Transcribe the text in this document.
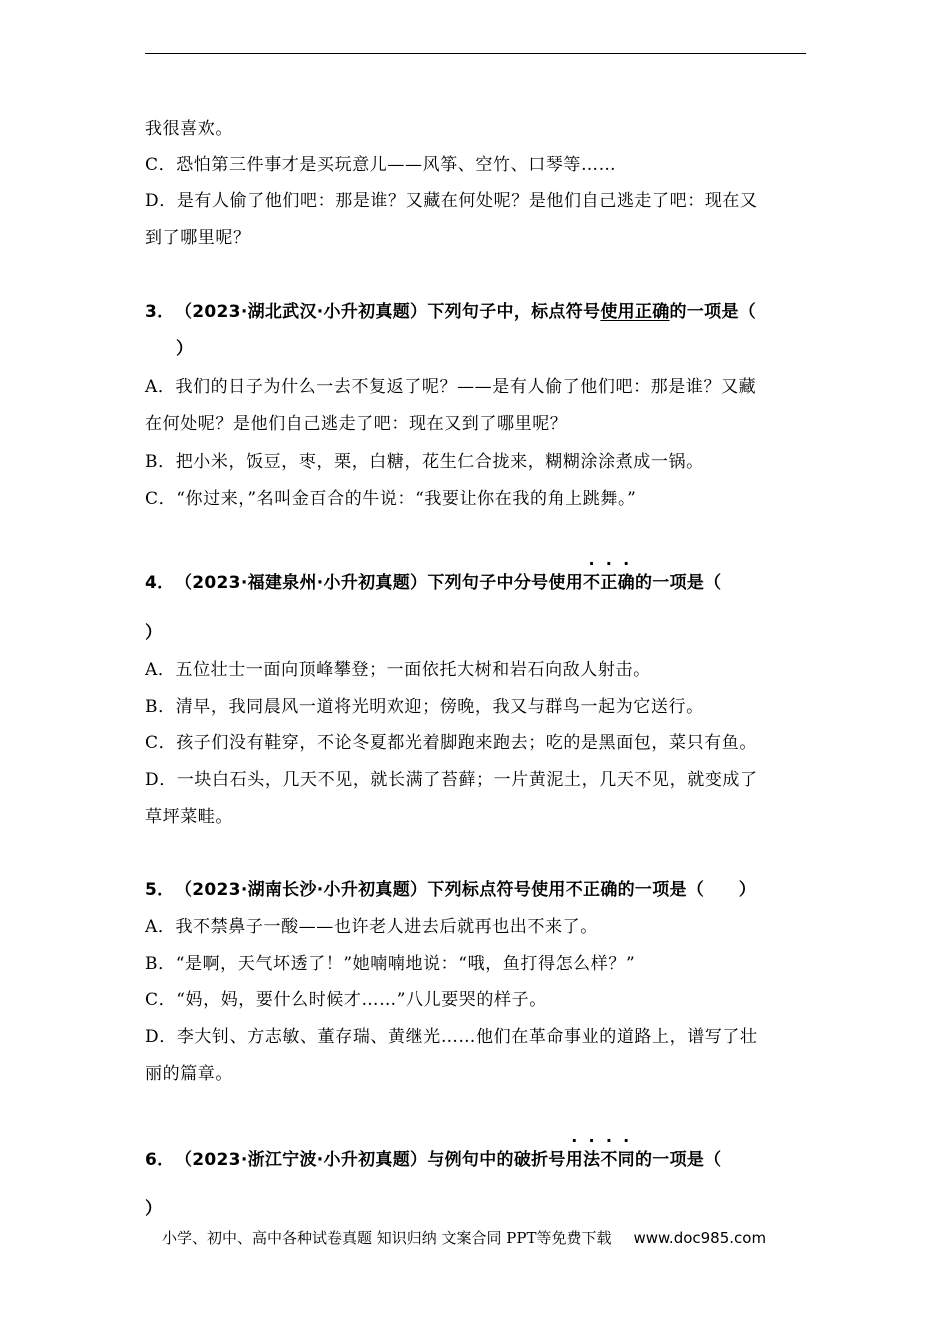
我很喜欢。
C．恐怕第三件事才是买玩意儿——风筝、空竹、口琴等……
D．是有人偷了他们吧：那是谁？又藏在何处呢？是他们自己逃走了吧：现在又
到了哪里呢？
3．（2023·湖北武汉·小升初真题）下列句子中，标点符号使用正确的一项是（
）
A．我们的日子为什么一去不复返了呢？——是有人偷了他们吧：那是谁？又藏
在何处呢？是他们自己逃走了吧：现在又到了哪里呢？
B．把小米，饭豆，枣，栗，白糖，花生仁合拢来，糊糊涂涂煮成一锅。
C．“你过来，”名叫金百合的牛说：“我要让你在我的角上跳舞。”
4．（2023·福建泉州·小升初真题）下列句子中分号使用不正确的一项是（
）
A．五位壮士一面向顶峰攀登；一面依托大树和岩石向敌人射击。
B．清早，我同晨风一道将光明欢迎；傍晚，我又与群鸟一起为它送行。
C．孩子们没有鞋穿，不论冬夏都光着脚跑来跑去；吃的是黑面包，菜只有鱼。
D．一块白石头，几天不见，就长满了苔藓；一片黄泥土，几天不见，就变成了
草坪菜畦。
5．（2023·湖南长沙·小升初真题）下列标点符号使用不正确的一项是（　　）
A．我不禁鼻子一酸——也许老人进去后就再也出不来了。
B．“是啊，天气坏透了！”她喃喃地说：“哦，鱼打得怎么样？”
C．“妈，妈，要什么时候才……”八儿要哭的样子。
D．李大钊、方志敏、董存瑞、黄继光……他们在革命事业的道路上，谱写了壮
丽的篇章。
6．（2023·浙江宁波·小升初真题）与例句中的破折号用法不同的一项是（
）
小学、初中、高中各种试卷真题 知识归纳 文案合同 PPT等免费下载 www.doc985.com
